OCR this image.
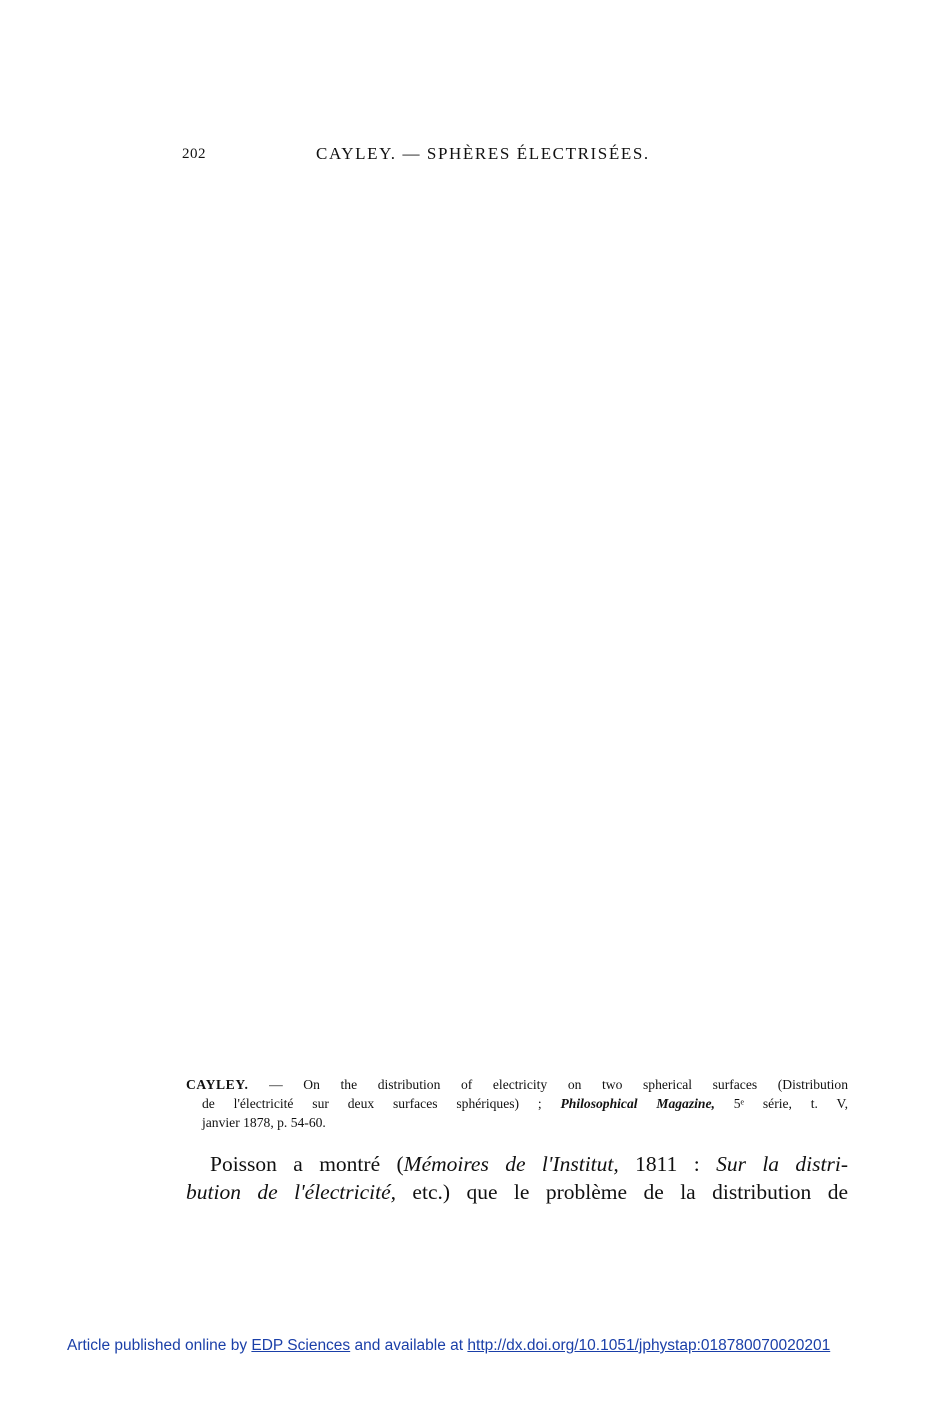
202	CAYLEY. — SPHÈRES ÉLECTRISÉES.
CAYLEY. — On the distribution of electricity on two spherical surfaces (Distribution
de l'électricité sur deux surfaces sphériques) ; Philosophical Magazine, 5ᵉ série, t. V,
janvier 1878, p. 54-60.
Poisson a montré (Mémoires de l'Institut, 1811 : Sur la distri-
bution de l'électricité, etc.) que le problème de la distribution de
Article published online by EDP Sciences and available at http://dx.doi.org/10.1051/jphystap:018780070020201
